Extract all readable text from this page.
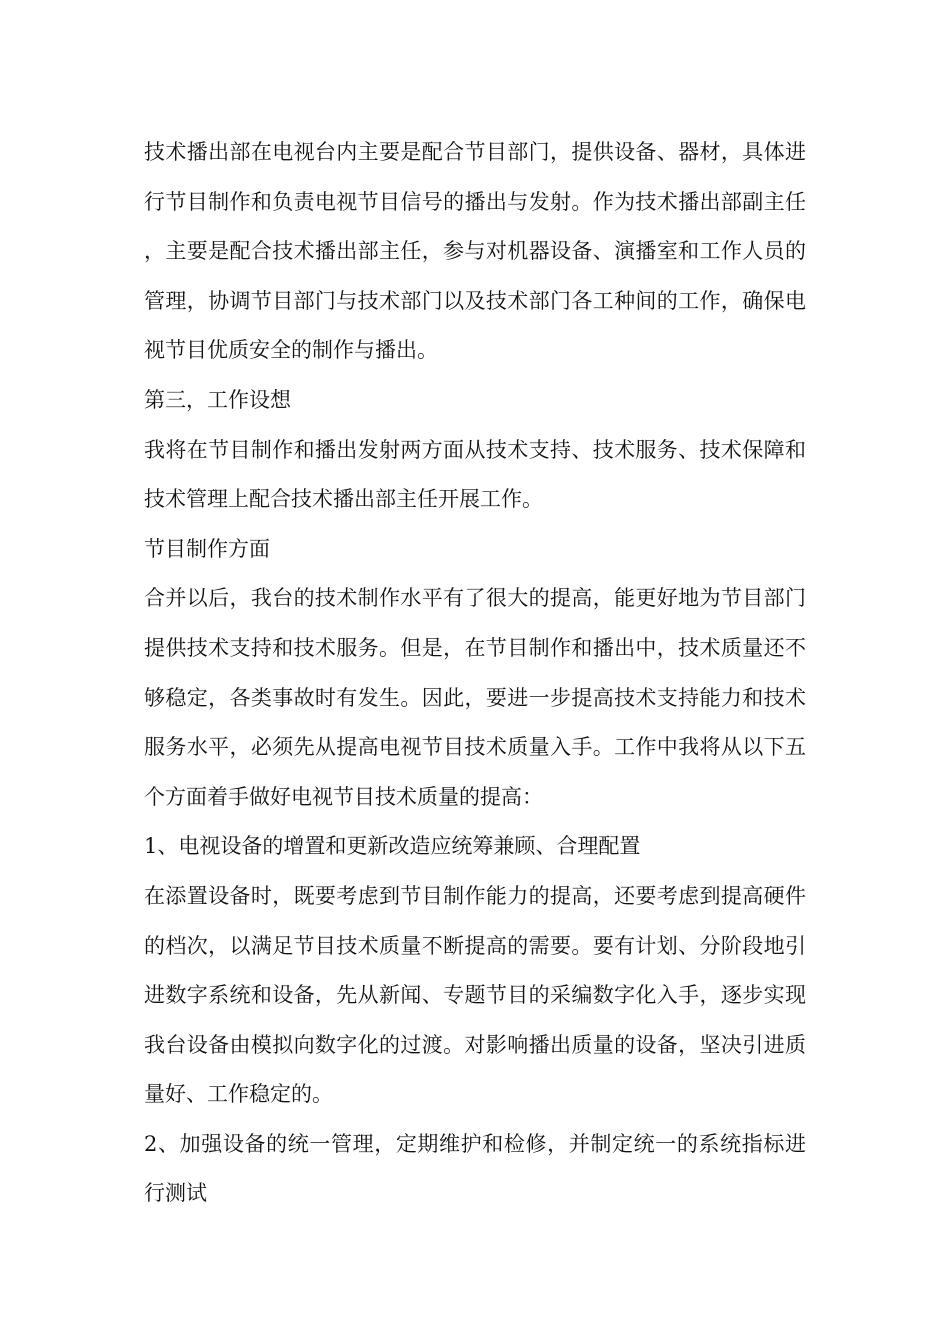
技术播出部在电视台内主要是配合节目部门，提供设备、器材，具体进行节目制作和负责电视节目信号的播出与发射。作为技术播出部副主任，主要是配合技术播出部主任，参与对机器设备、演播室和工作人员的管理，协调节目部门与技术部门以及技术部门各工种间的工作，确保电视节目优质安全的制作与播出。

第三，工作设想

我将在节目制作和播出发射两方面从技术支持、技术服务、技术保障和技术管理上配合技术播出部主任开展工作。

节目制作方面

合并以后，我台的技术制作水平有了很大的提高，能更好地为节目部门提供技术支持和技术服务。但是，在节目制作和播出中，技术质量还不够稳定，各类事故时有发生。因此，要进一步提高技术支持能力和技术服务水平，必须先从提高电视节目技术质量入手。工作中我将从以下五个方面着手做好电视节目技术质量的提高：

1、电视设备的增置和更新改造应统筹兼顾、合理配置

在添置设备时，既要考虑到节目制作能力的提高，还要考虑到提高硬件的档次，以满足节目技术质量不断提高的需要。要有计划、分阶段地引进数字系统和设备，先从新闻、专题节目的采编数字化入手，逐步实现我台设备由模拟向数字化的过渡。对影响播出质量的设备，坚决引进质量好、工作稳定的。

2、加强设备的统一管理，定期维护和检修，并制定统一的系统指标进行测试
